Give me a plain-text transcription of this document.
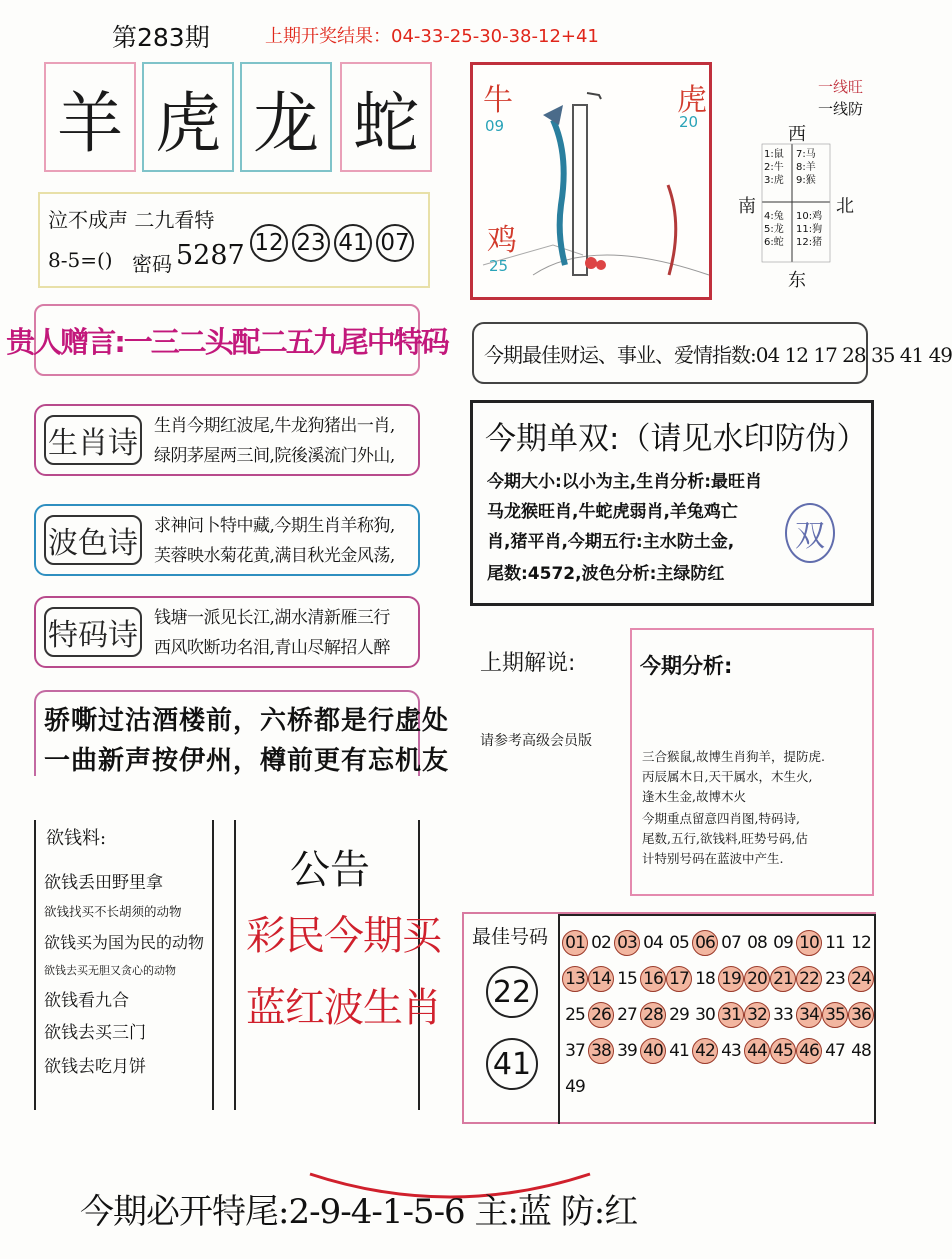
第283期	上期开奖结果：04-33-25-30-38-12+41
羊 虎 龙 蛇
泣不成声 二九看特
8-5=() 密码 5287 12 23 41 07
贵人赠言:一三二头配二五九尾中特码
生肖诗 生肖今期红波尾,牛龙狗猪出一肖,
绿阴茅屋两三间,院後溪流门外山,
波色诗 求神问卜特中藏,今期生肖羊称狗,
芙蓉映水菊花黄,满目秋光金风荡,
特码诗 钱塘一派见长江,湖水清新雁三行
西风吹断功名泪,青山尽解招人醉
骄嘶过沽酒楼前，六桥都是行虚处
一曲新声按伊州，樽前更有忘机友
欲钱料:
欲钱丢田野里拿
欲钱找买不长胡须的动物
欲钱买为国为民的动物
欲钱去买无胆又贪心的动物
欲钱看九合
欲钱去买三门
欲钱去吃月饼
公告
彩民今期买
蓝红波生肖
牛
09
虎
20
鸡
25
一线旺
一线防
西
南	北
东
1:鼠
2:牛
3:虎
7:马
8:羊
9:猴
4:兔
5:龙
6:蛇
10:鸡
11:狗
12:猪
今期最佳财运、事业、爱情指数:04 12 17 28 35 41 49
今期单双:（请见水印防伪）
今期大小:以小为主,生肖分析:最旺肖
马龙猴旺肖,牛蛇虎弱肖,羊兔鸡亡
肖,猪平肖,今期五行:主水防土金,
尾数:4572,波色分析:主绿防红
双
上期解说:
请参考高级会员版
今期分析:
三合猴鼠,故博生肖狗羊，提防虎.
丙辰属木日,天干属水，木生火,
逢木生金,故博木火
今期重点留意四肖图,特码诗,
尾数,五行,欲钱料,旺势号码,估
计特别号码在蓝波中产生.
最佳号码
22
41
01 02 03 04 05 06 07 08 09 10 11 12
13 14 15 16 17 18 19 20 21 22 23 24
25 26 27 28 29 30 31 32 33 34 35 36
37 38 39 40 41 42 43 44 45 46 47 48
49
今期必开特尾:2-9-4-1-5-6 主:蓝 防:红
